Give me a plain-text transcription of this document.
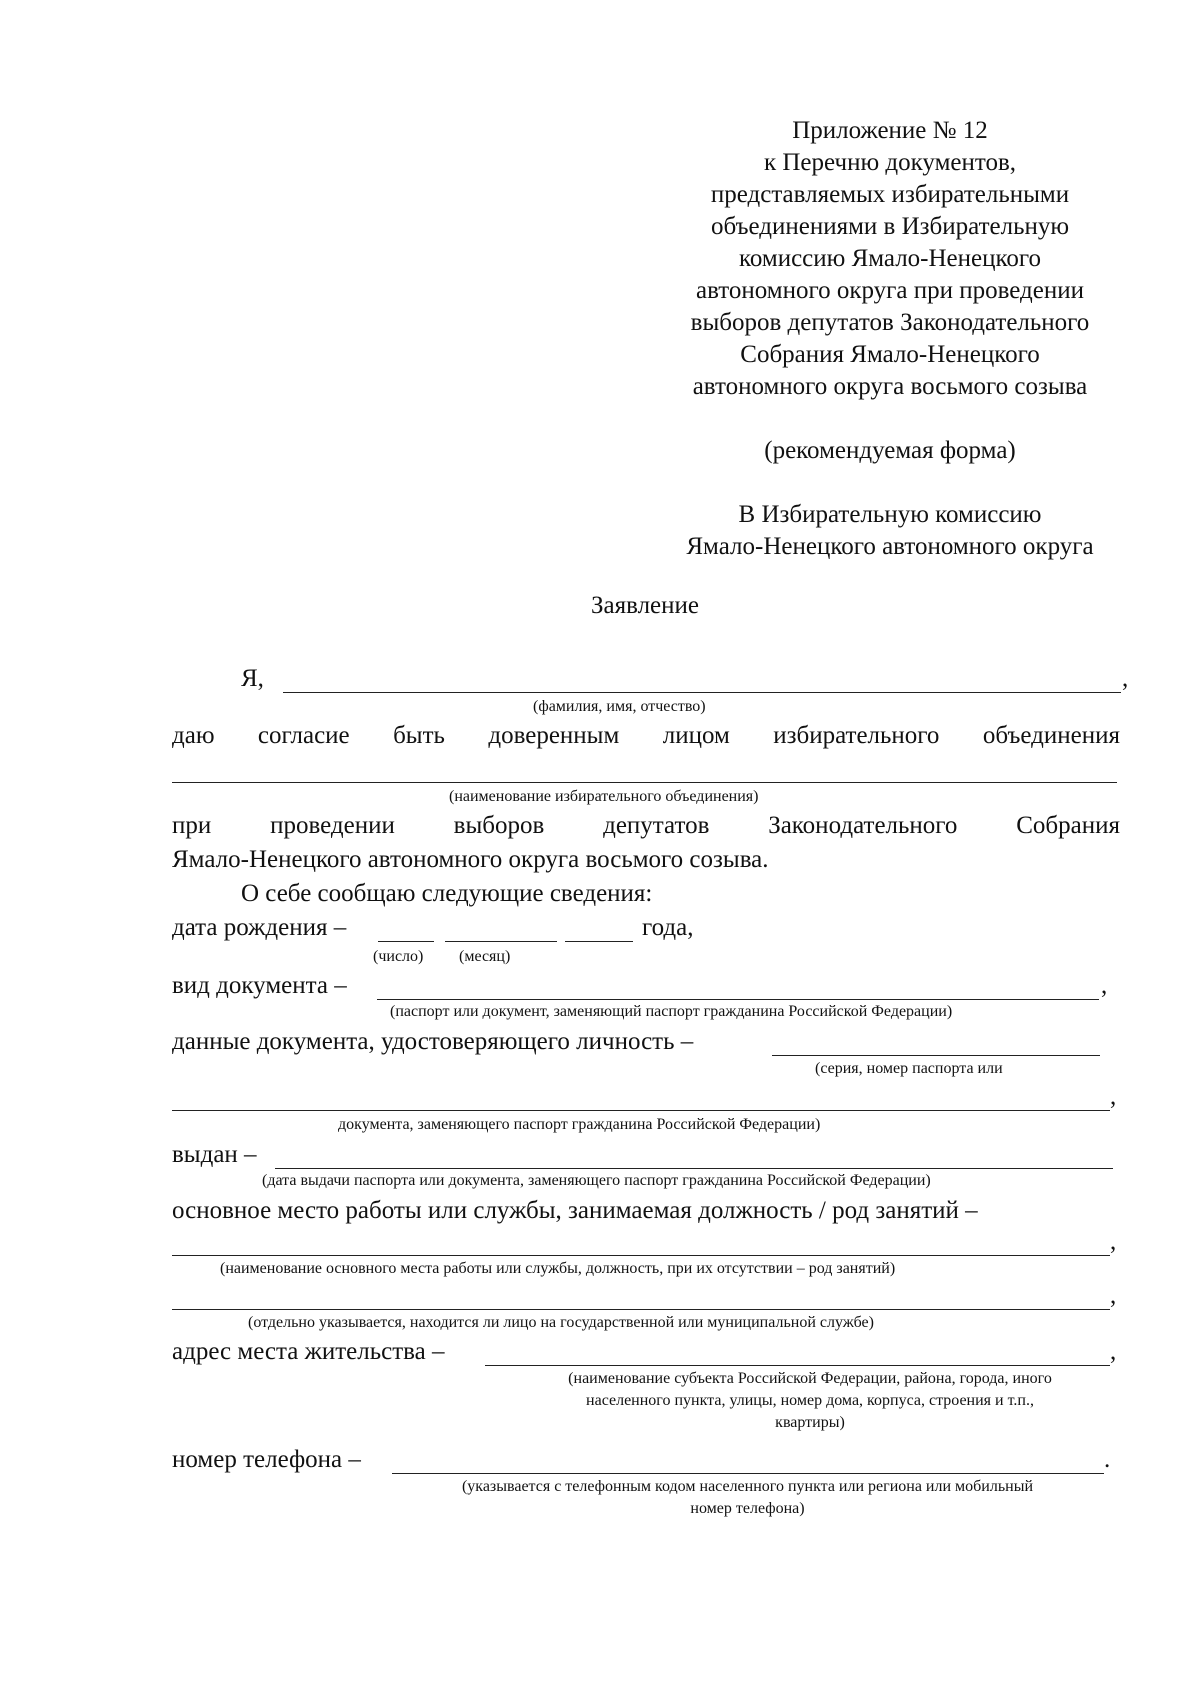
Приложение № 12
к Перечню документов,
представляемых избирательными
объединениями в Избирательную
комиссию Ямало-Ненецкого
автономного округа при проведении
выборов депутатов Законодательного
Собрания Ямало-Ненецкого
автономного округа восьмого созыва
(рекомендуемая форма)
В Избирательную комиссию
Ямало-Ненецкого автономного округа
Заявление
Я,	,
(фамилия, имя, отчество)
даю согласие быть доверенным лицом избирательного объединения
(наименование избирательного объединения)
при проведении выборов депутатов Законодательного Собрания
Ямало-Ненецкого автономного округа восьмого созыва.
О себе сообщаю следующие сведения:
дата рождения –	года,
(число) (месяц)
вид документа –	,
(паспорт или документ, заменяющий паспорт гражданина Российской Федерации)
данные документа, удостоверяющего личность –
(серия, номер паспорта или
,
документа, заменяющего паспорт гражданина Российской Федерации)
выдан –
(дата выдачи паспорта или документа, заменяющего паспорт гражданина Российской Федерации)
основное место работы или службы, занимаемая должность / род занятий –
,
(наименование основного места работы или службы, должность, при их отсутствии – род занятий)
,
(отдельно указывается, находится ли лицо на государственной или муниципальной службе)
адрес места жительства –	,
(наименование субъекта Российской Федерации, района, города, иного
населенного пункта, улицы, номер дома, корпуса, строения и т.п.,
квартиры)
номер телефона –	.
(указывается с телефонным кодом населенного пункта или региона или мобильный
номер телефона)
